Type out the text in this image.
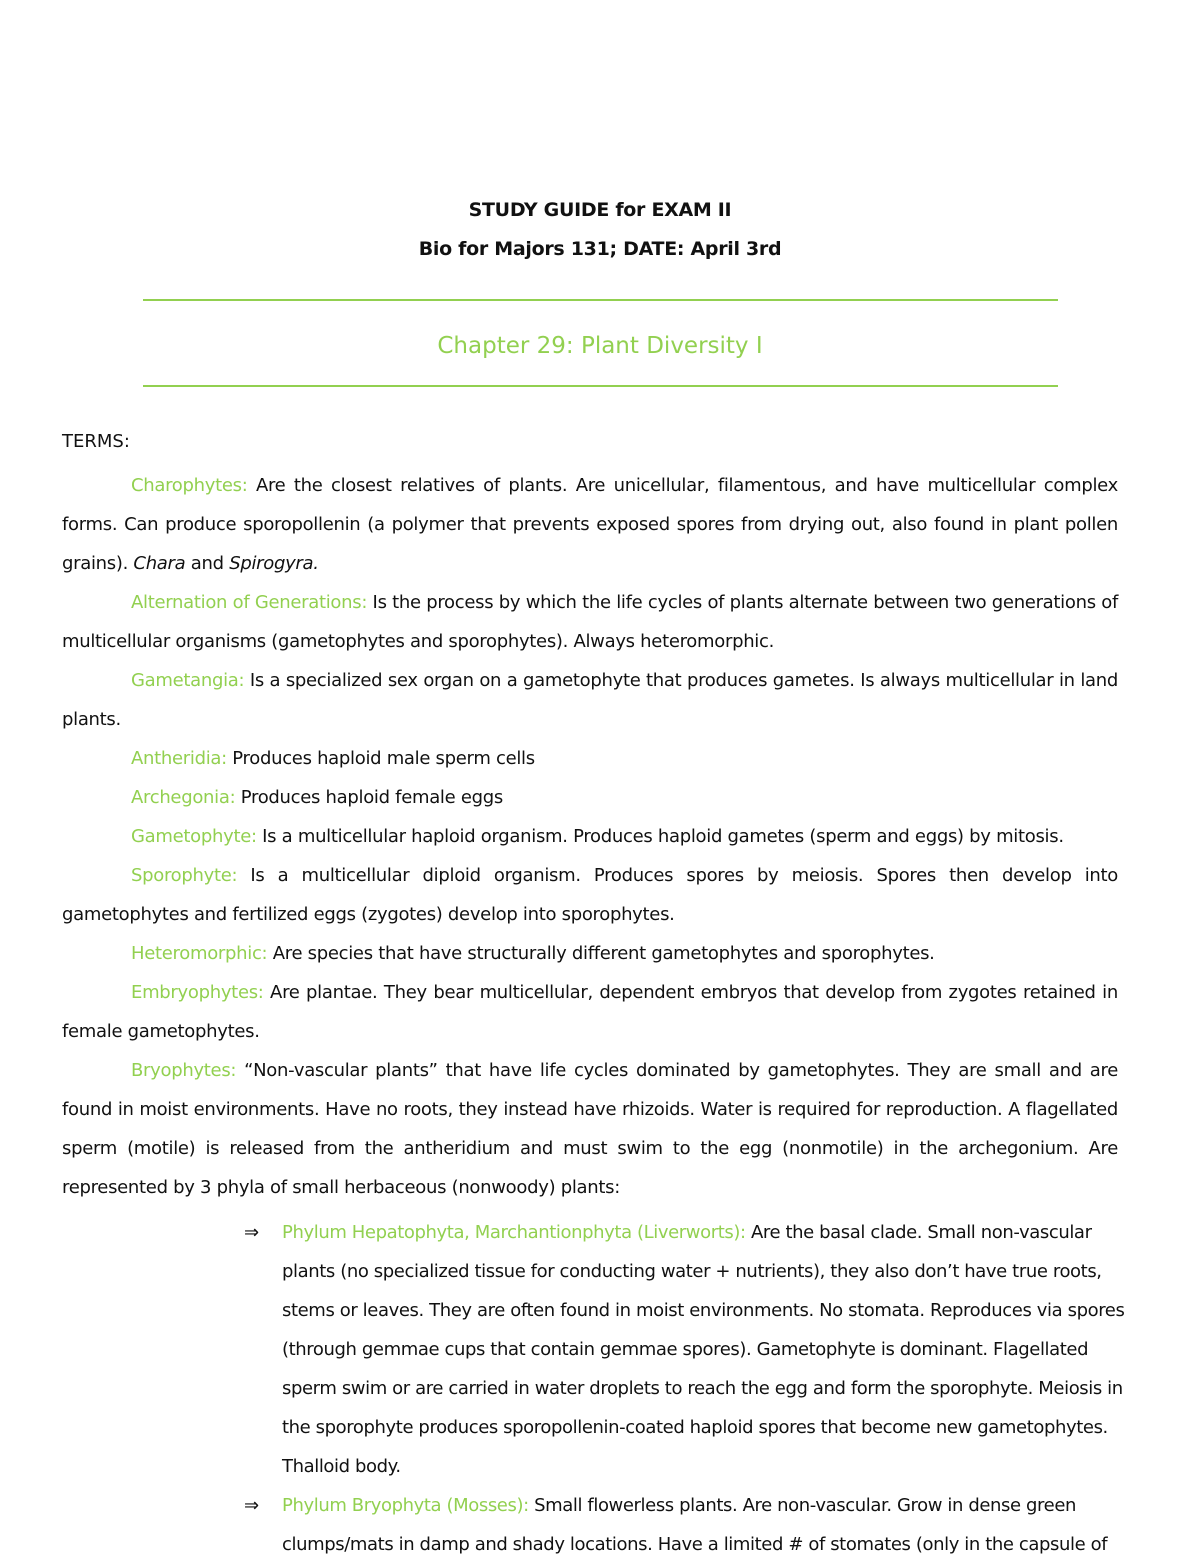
STUDY GUIDE for EXAM II
Bio for Majors 131; DATE: April 3rd
Chapter 29: Plant Diversity I
TERMS:

Charophytes: Are the closest relatives of plants. Are unicellular, filamentous, and have multicellular complex forms. Can produce sporopollenin (a polymer that prevents exposed spores from drying out, also found in plant pollen grains). Chara and Spirogyra.

Alternation of Generations: Is the process by which the life cycles of plants alternate between two generations of multicellular organisms (gametophytes and sporophytes). Always heteromorphic.

Gametangia: Is a specialized sex organ on a gametophyte that produces gametes. Is always multicellular in land plants.

Antheridia: Produces haploid male sperm cells

Archegonia: Produces haploid female eggs

Gametophyte: Is a multicellular haploid organism. Produces haploid gametes (sperm and eggs) by mitosis.

Sporophyte: Is a multicellular diploid organism. Produces spores by meiosis. Spores then develop into gametophytes and fertilized eggs (zygotes) develop into sporophytes.

Heteromorphic: Are species that have structurally different gametophytes and sporophytes.

Embryophytes: Are plantae. They bear multicellular, dependent embryos that develop from zygotes retained in female gametophytes.

Bryophytes: “Non-vascular plants” that have life cycles dominated by gametophytes. They are small and are found in moist environments. Have no roots, they instead have rhizoids. Water is required for reproduction. A flagellated sperm (motile) is released from the antheridium and must swim to the egg (nonmotile) in the archegonium. Are represented by 3 phyla of small herbaceous (nonwoody) plants:

⇒ Phylum Hepatophyta, Marchantionphyta (Liverworts): Are the basal clade. Small non-vascular plants (no specialized tissue for conducting water + nutrients), they also don’t have true roots, stems or leaves. They are often found in moist environments. No stomata. Reproduces via spores (through gemmae cups that contain gemmae spores). Gametophyte is dominant. Flagellated sperm swim or are carried in water droplets to reach the egg and form the sporophyte. Meiosis in the sporophyte produces sporopollenin-coated haploid spores that become new gametophytes. Thalloid body.

⇒ Phylum Bryophyta (Mosses): Small flowerless plants. Are non-vascular. Grow in dense green clumps/mats in damp and shady locations. Have a limited # of stomates (only in the capsule of
